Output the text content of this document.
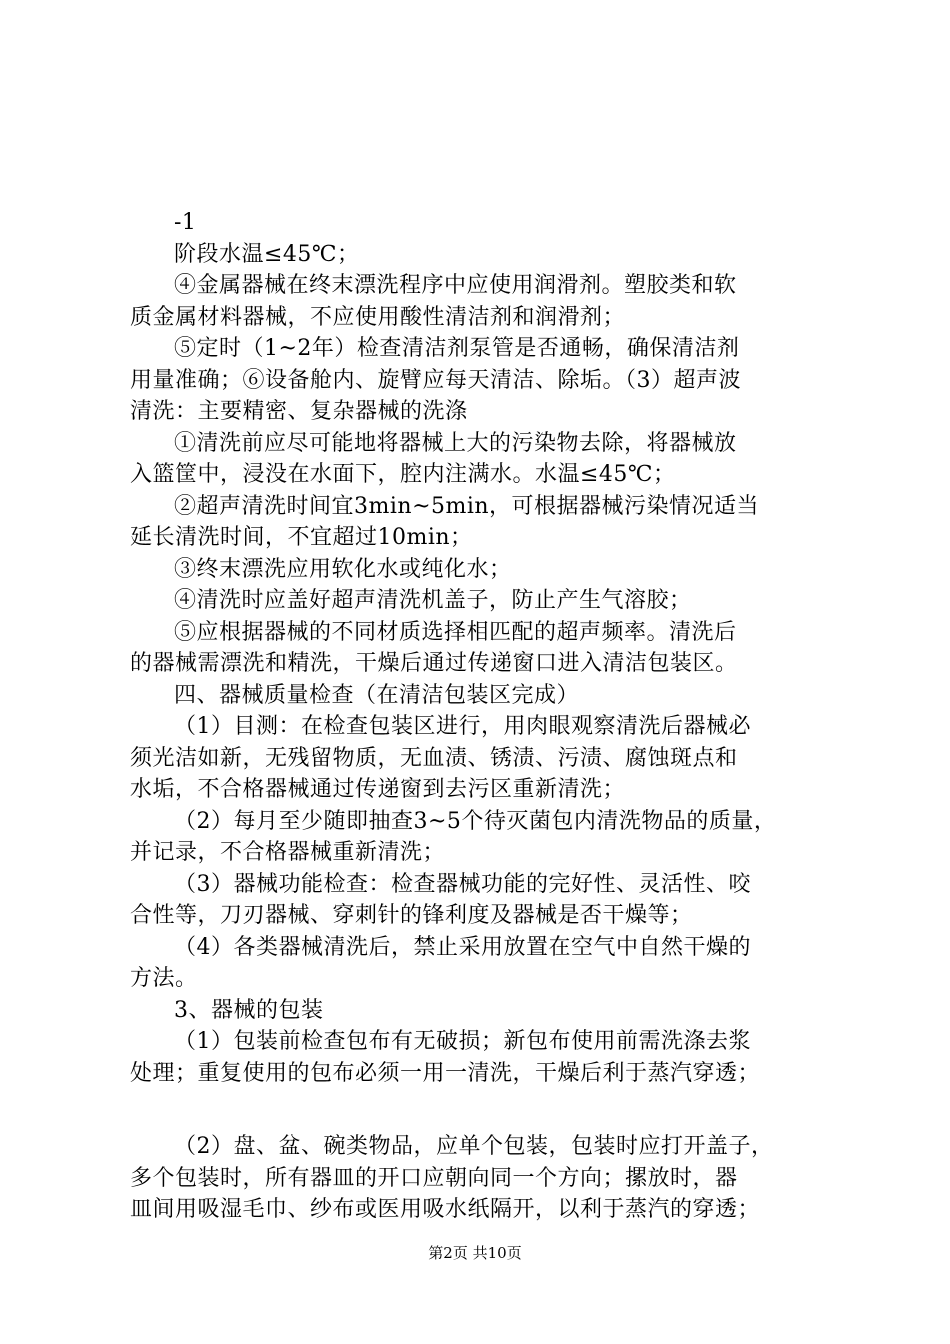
-1
阶段水温≤45℃；
④金属器械在终末漂洗程序中应使用润滑剂。塑胶类和软
质金属材料器械，不应使用酸性清洁剂和润滑剂；
⑤定时（1~2年）检查清洁剂泵管是否通畅，确保清洁剂
用量准确；⑥设备舱内、旋臂应每天清洁、除垢。（3）超声波
清洗：主要精密、复杂器械的洗涤
①清洗前应尽可能地将器械上大的污染物去除，将器械放
入篮筐中，浸没在水面下，腔内注满水。水温≤45℃；
②超声清洗时间宜3min~5min，可根据器械污染情况适当
延长清洗时间，不宜超过10min；
③终末漂洗应用软化水或纯化水；
④清洗时应盖好超声清洗机盖子，防止产生气溶胶；
⑤应根据器械的不同材质选择相匹配的超声频率。清洗后
的器械需漂洗和精洗，干燥后通过传递窗口进入清洁包装区。
四、器械质量检查（在清洁包装区完成）
（1）目测：在检查包装区进行，用肉眼观察清洗后器械必
须光洁如新，无残留物质，无血渍、锈渍、污渍、腐蚀斑点和
水垢，不合格器械通过传递窗到去污区重新清洗；
（2）每月至少随即抽查3~5个待灭菌包内清洗物品的质量，
并记录，不合格器械重新清洗；
（3）器械功能检查：检查器械功能的完好性、灵活性、咬
合性等，刀刃器械、穿刺针的锋利度及器械是否干燥等；
（4）各类器械清洗后，禁止采用放置在空气中自然干燥的
方法。
3、器械的包装
（1）包装前检查包布有无破损；新包布使用前需洗涤去浆
处理；重复使用的包布必须一用一清洗，干燥后利于蒸汽穿透；
（2）盘、盆、碗类物品，应单个包装，包装时应打开盖子，
多个包装时，所有器皿的开口应朝向同一个方向；摞放时，器
皿间用吸湿毛巾、纱布或医用吸水纸隔开，以利于蒸汽的穿透；
第2页 共10页
